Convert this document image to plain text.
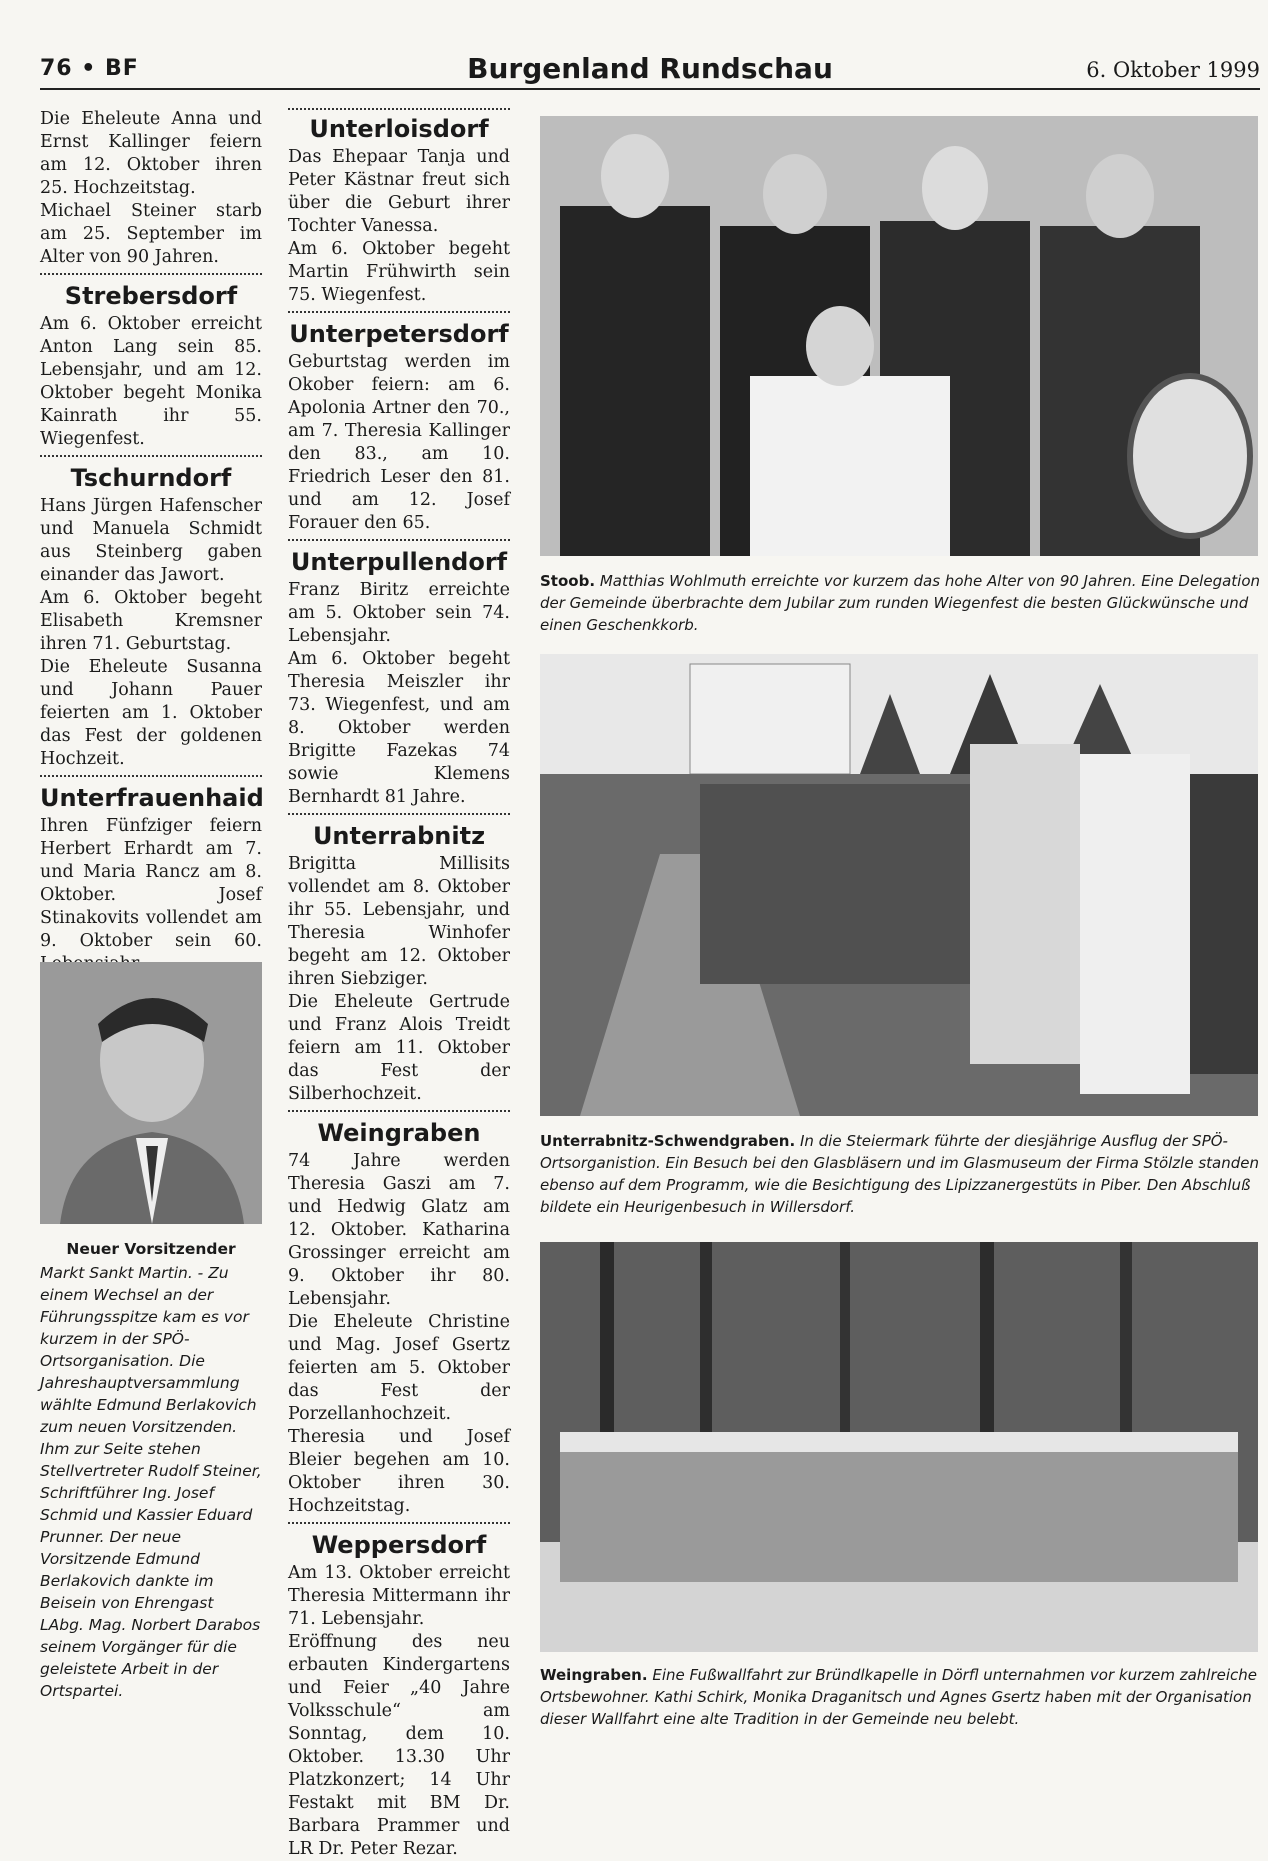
76 • BF	Burgenland Rundschau	6. Oktober 1999

Die Eheleute Anna und Ernst Kallinger feiern am 12. Oktober ihren 25. Hochzeitstag.

Michael Steiner starb am 25. September im Alter von 90 Jahren.

Strebersdorf

Am 6. Oktober erreicht Anton Lang sein 85. Lebensjahr, und am 12. Oktober begeht Monika Kainrath ihr 55. Wiegenfest.

Tschurndorf

Hans Jürgen Hafenscher und Manuela Schmidt aus Steinberg gaben einander das Jawort.

Am 6. Oktober begeht Elisabeth Kremsner ihren 71. Geburtstag.

Die Eheleute Susanna und Johann Pauer feierten am 1. Oktober das Fest der goldenen Hochzeit.

Unterfrauenhaid

Ihren Fünfziger feiern Herbert Erhardt am 7. und Maria Rancz am 8. Oktober. Josef Stinakovits vollendet am 9. Oktober sein 60.

Neuer Vorsitzender
Markt Sankt Martin. - Zu einem Wechsel an der Führungsspitze kam es vor kurzem in der SPÖ-Ortsorganisation. Die Jahreshauptversammlung wählte Edmund Berlakovich zum neuen Vorsitzenden. Ihm zur Seite stehen Stellvertreter Rudolf Steiner, Schriftführer Ing. Josef Schmid und Kassier Eduard Prunner. Der neue Vorsitzende Edmund Berlakovich dankte im Beisein von Ehrengast LAbg. Mag. Norbert Darabos seinem Vorgänger für die geleistete Arbeit in der Ortspartei.
Unterloisdorf

Das Ehepaar Tanja und Peter Kästnar freut sich über die Geburt ihrer Tochter Vanessa.

Am 6. Oktober begeht Martin Frühwirth sein 75. Wiegenfest.

Unterpetersdorf

Geburtstag werden im Okober feiern: am 6. Apolonia Artner den 70., am 7. Theresia Kallinger den 83., am 10. Friedrich Leser den 81. und am 12. Josef Forauer den 65.

Unterpullendorf

Franz Biritz erreichte am 5. Oktober sein 74. Lebensjahr.

Am 6. Oktober begeht Theresia Meiszler ihr 73. Wiegenfest, und am 8. Oktober werden Brigitte Fazekas 74 sowie Klemens Bernhardt 81 Jahre.

Unterrabnitz

Brigitta Millisits vollendet am 8. Oktober ihr 55. Lebensjahr, und Theresia Winhofer begeht am 12. Oktober ihren Siebziger.

Die Eheleute Gertrude und Franz Alois Treidt feiern am 11. Oktober das Fest der Silberhochzeit.

Weingraben

74 Jahre werden Theresia Gaszi am 7. und Hedwig Glatz am 12. Oktober. Katharina Grossinger erreicht am 9. Oktober ihr 80. Lebensjahr.

Die Eheleute Christine und Mag. Josef Gsertz feierten am 5. Oktober das Fest der Porzellanhochzeit.

Theresia und Josef Bleier begehen am 10. Oktober ihren 30. Hochzeitstag.

Weppersdorf

Am 13. Oktober erreicht Theresia Mittermann ihr 71. Lebensjahr.

Eröffnung des neu erbauten Kindergartens und Feier „40 Jahre Volksschule“ am Sonntag, dem 10. Oktober. 13.30 Uhr Platzkonzert; 14 Uhr Festakt mit BM Dr. Barbara Prammer und LR Dr. Peter Rezar.

Stoob. Matthias Wohlmuth erreichte vor kurzem das hohe Alter von 90 Jahren. Eine Delegation der Gemeinde überbrachte dem Jubilar zum runden Wiegenfest die besten Glückwünsche und einen Geschenkkorb.
Unterrabnitz-Schwendgraben. In die Steiermark führte der diesjährige Ausflug der SPÖ-Ortsorganistion. Ein Besuch bei den Glasbläsern und im Glasmuseum der Firma Stölzle standen ebenso auf dem Programm, wie die Besichtigung des Lipizzanergestüts in Piber. Den Abschluß bildete ein Heurigenbesuch in Willersdorf.
Weingraben. Eine Fußwallfahrt zur Bründlkapelle in Dörfl unternahmen vor kurzem zahlreiche Ortsbewohner. Kathi Schirk, Monika Draganitsch und Agnes Gsertz haben mit der Organisation dieser Wallfahrt eine alte Tradition in der Gemeinde neu belebt.
